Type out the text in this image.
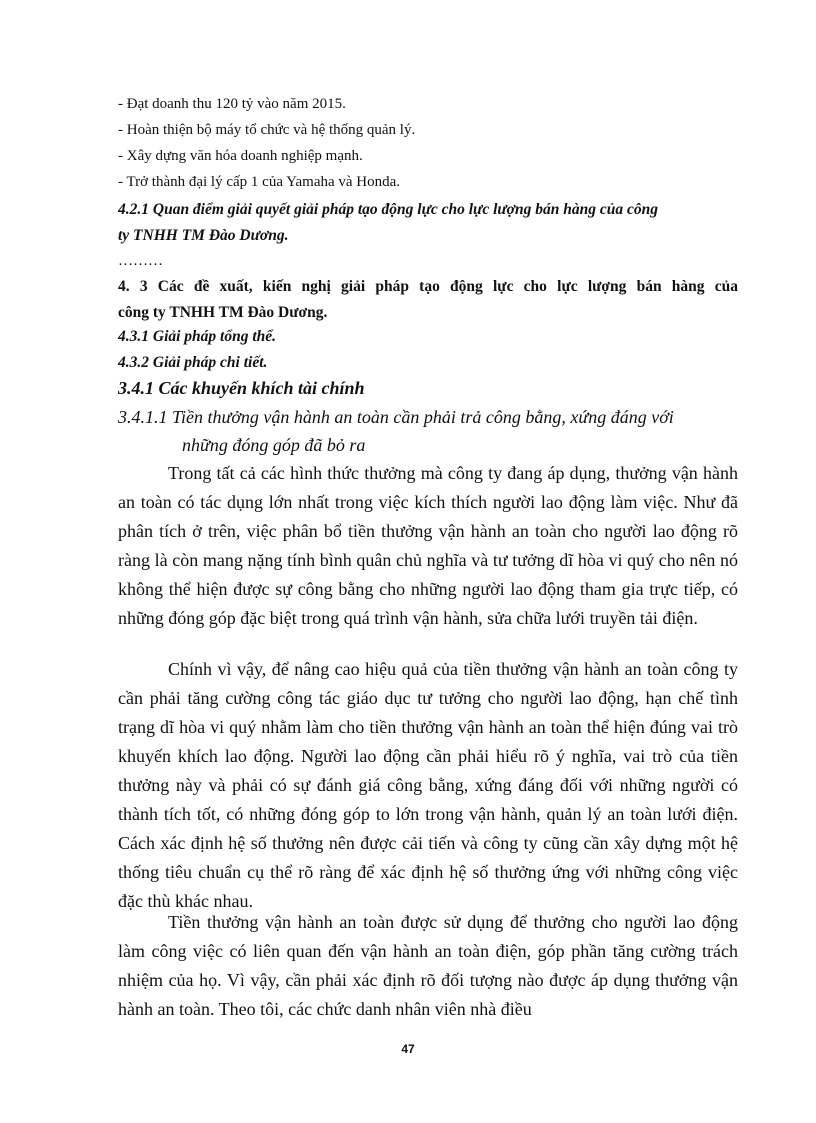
- Đạt doanh thu 120 tỷ vào năm 2015.
- Hoàn thiện bộ máy tổ chức và hệ thống quản lý.
- Xây dựng văn hóa doanh nghiệp mạnh.
- Trở thành đại lý cấp 1 của Yamaha và Honda.
4.2.1 Quan điểm giải quyết giải pháp tạo động lực cho lực lượng bán hàng của công
ty TNHH TM Đào Dương.
………
4. 3 Các đề xuất, kiến nghị giải pháp tạo động lực cho lực lượng bán hàng của
công ty TNHH TM Đào Dương.
4.3.1 Giải pháp tổng thể.
4.3.2 Giải pháp chi tiết.
3.4.1 Các khuyến khích tài chính
3.4.1.1 Tiền thưởng vận hành an toàn cần phải trả công bằng, xứng đáng với
những đóng góp đã bỏ ra

Trong tất cả các hình thức thưởng mà công ty đang áp dụng, thưởng vận hành an toàn có tác dụng lớn nhất trong việc kích thích người lao động làm việc. Như đã phân tích ở trên, việc phân bổ tiền thưởng vận hành an toàn cho người lao động rõ ràng là còn mang nặng tính bình quân chủ nghĩa và tư tưởng dĩ hòa vi quý cho nên nó không thể hiện được sự công bằng cho những người lao động tham gia trực tiếp, có những đóng góp đặc biệt trong quá trình vận hành, sửa chữa lưới truyền tải điện.

Chính vì vậy, để nâng cao hiệu quả của tiền thưởng vận hành an toàn công ty cần phải tăng cường công tác giáo dục tư tưởng cho người lao động, hạn chế tình trạng dĩ hòa vi quý nhằm làm cho tiền thưởng vận hành an toàn thể hiện đúng vai trò khuyến khích lao động. Người lao động cần phải hiểu rõ ý nghĩa, vai trò của tiền thưởng này và phải có sự đánh giá công bằng, xứng đáng đối với những người có thành tích tốt, có những đóng góp to lớn trong vận hành, quản lý an toàn lưới điện. Cách xác định hệ số thưởng nên được cải tiến và công ty cũng cần xây dựng một hệ thống tiêu chuẩn cụ thể rõ ràng để xác định hệ số thưởng ứng với những công việc đặc thù khác nhau.

Tiền thưởng vận hành an toàn được sử dụng để thưởng cho người lao động làm công việc có liên quan đến vận hành an toàn điện, góp phần tăng cường trách nhiệm của họ. Vì vậy, cần phải xác định rõ đối tượng nào được áp dụng thưởng vận hành an toàn. Theo tôi, các chức danh nhân viên nhà điều

47
